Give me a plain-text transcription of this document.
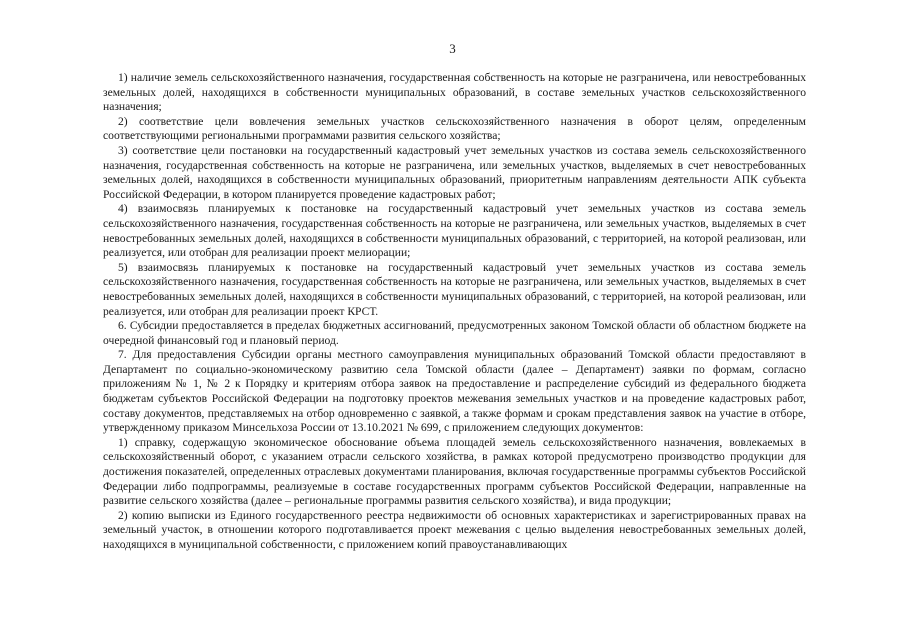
3

1) наличие земель сельскохозяйственного назначения, государственная собственность на которые не разграничена, или невостребованных земельных долей, находящихся в собственности муниципальных образований, в составе земельных участков сельскохозяйственного назначения;

2) соответствие цели вовлечения земельных участков сельскохозяйственного назначения в оборот целям, определенным соответствующими региональными программами развития сельского хозяйства;

3) соответствие цели постановки на государственный кадастровый учет земельных участков из состава земель сельскохозяйственного назначения, государственная собственность на которые не разграничена, или земельных участков, выделяемых в счет невостребованных земельных долей, находящихся в собственности муниципальных образований, приоритетным направлениям деятельности АПК субъекта Российской Федерации, в котором планируется проведение кадастровых работ;

4) взаимосвязь планируемых к постановке на государственный кадастровый учет земельных участков из состава земель сельскохозяйственного назначения, государственная собственность на которые не разграничена, или земельных участков, выделяемых в счет невостребованных земельных долей, находящихся в собственности муниципальных образований, с территорией, на которой реализован, или реализуется, или отобран для реализации проект мелиорации;

5) взаимосвязь планируемых к постановке на государственный кадастровый учет земельных участков из состава земель сельскохозяйственного назначения, государственная собственность на которые не разграничена, или земельных участков, выделяемых в счет невостребованных земельных долей, находящихся в собственности муниципальных образований, с территорией, на которой реализован, или реализуется, или отобран для реализации проект КРСТ.

6. Субсидии предоставляется в пределах бюджетных ассигнований, предусмотренных законом Томской области об областном бюджете на очередной финансовый год и плановый период.

7. Для предоставления Субсидии органы местного самоуправления муниципальных образований Томской области предоставляют в Департамент по социально-экономическому развитию села Томской области (далее – Департамент) заявки по формам, согласно приложениям № 1, № 2 к Порядку и критериям отбора заявок на предоставление и распределение субсидий из федерального бюджета бюджетам субъектов Российской Федерации на подготовку проектов межевания земельных участков и на проведение кадастровых работ, составу документов, представляемых на отбор одновременно с заявкой, а также формам и срокам представления заявок на участие в отборе, утвержденному приказом Минсельхоза России от 13.10.2021 № 699, с приложением следующих документов:

1) справку, содержащую экономическое обоснование объема площадей земель сельскохозяйственного назначения, вовлекаемых в сельскохозяйственный оборот, с указанием отрасли сельского хозяйства, в рамках которой предусмотрено производство продукции для достижения показателей, определенных отраслевых документами планирования, включая государственные программы субъектов Российской Федерации либо подпрограммы, реализуемые в составе государственных программ субъектов Российской Федерации, направленные на развитие сельского хозяйства (далее – региональные программы развития сельского хозяйства), и вида продукции;

2) копию выписки из Единого государственного реестра недвижимости об основных характеристиках и зарегистрированных правах на земельный участок, в отношении которого подготавливается проект межевания с целью выделения невостребованных земельных долей, находящихся в муниципальной собственности, с приложением копий правоустанавливающих
